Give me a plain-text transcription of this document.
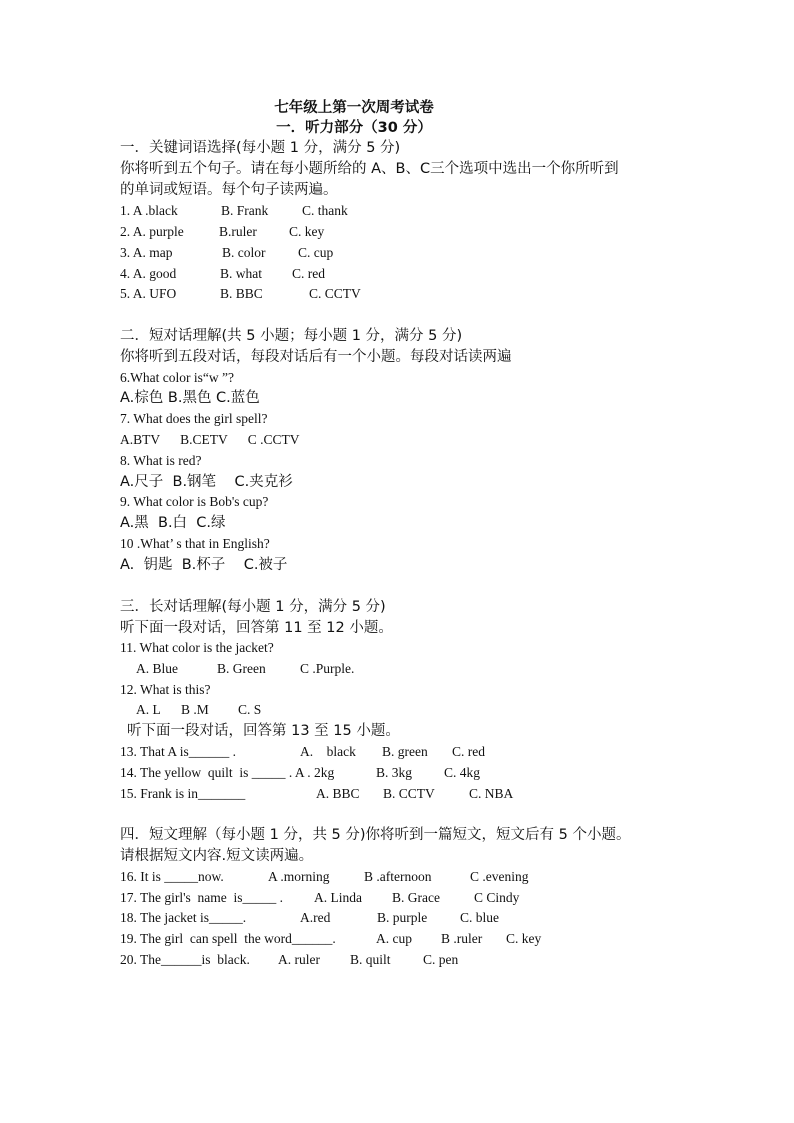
七年级上第一次周考试卷
一．听力部分（30 分）
一．关键词语选择(每小题 1 分，满分 5 分)
你将听到五个句子。请在每小题所给的 A、B、C三个选项中选出一个你所听到
的单词或短语。每个句子读两遍。
1. A .black	B. Frank	C. thank
2. A. purple	B.ruler C. key
3. A. map	B. color C. cup
4. A. good	B. what C. red
5. A. UFO	B. BBC	C. CCTV
二．短对话理解(共 5 小题；每小题 1 分，满分 5 分)
你将听到五段对话，每段对话后有一个小题。每段对话读两遍
6.What color is“w ”?
A.棕色 B.黑色 C.蓝色
7. What does the girl spell?
A.BTV      B.CETV      C .CCTV
8. What is red?
A.尺子  B.钢笔    C.夹克衫
9. What color is Bob's cup?
A.黑  B.白  C.绿
10 .What’ s that in English?
A.  钥匙  B.杯子    C.被子
三．长对话理解(每小题 1 分，满分 5 分)
听下面一段对话，回答第 11 至 12 小题。
11. What color is the jacket?
A. Blue	B. Green	C .Purple.
12. What is this?
A. L B .M C. S
听下面一段对话，回答第 13 至 15 小题。
13. That A is______ .	A.    black B. green C. red
14. The yellow  quilt  is _____ . A . 2kg	B. 3kg C. 4kg
15. Frank is in_______	A. BBC B. CCTV	C. NBA
四．短文理解（每小题 1 分，共 5 分)你将听到一篇短文，短文后有 5 个小题。
请根据短文内容.短文读两遍。
16. It is _____now.	A .morning	B .afternoon	C .evening
17. The girl's  name  is_____ . A. Linda B. Grace	C Cindy
18. The jacket is_____.	A.red	B. purple C. blue
19. The girl  can spell  the word______.	A. cup B .ruler C. key
20. The______is  black. A. ruler B. quilt C. pen
